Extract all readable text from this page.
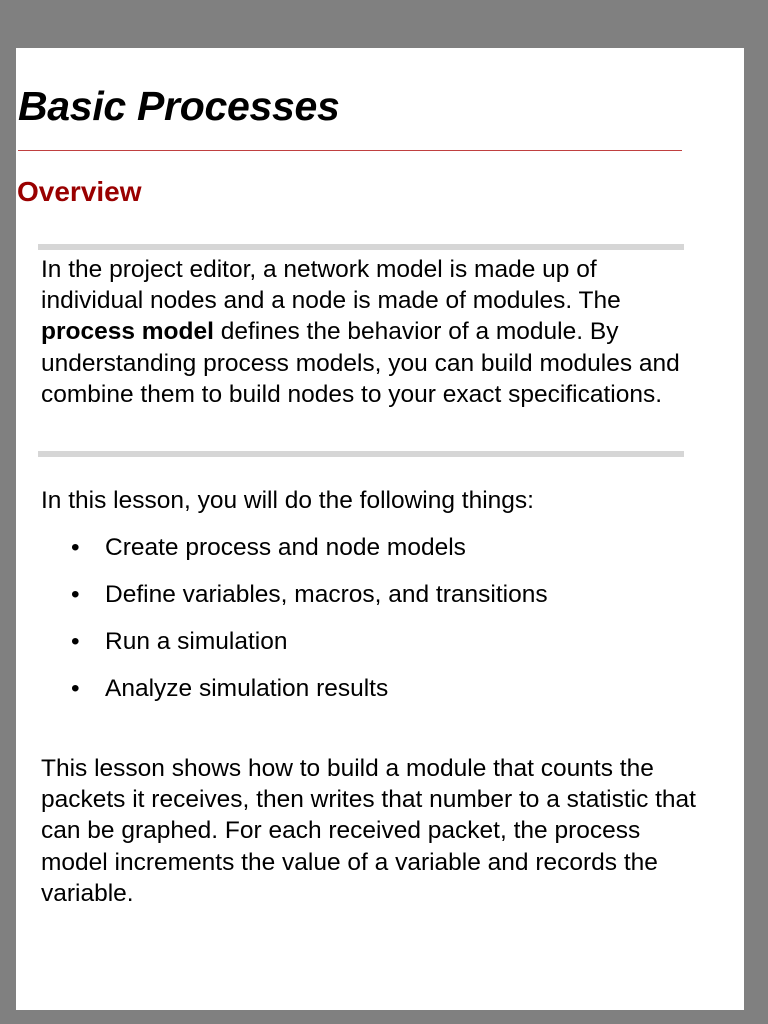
Basic Processes
Overview

In the project editor, a network model is made up of individual nodes and a node is made of modules. The process model defines the behavior of a module. By understanding process models, you can build modules and combine them to build nodes to your exact specifications.

In this lesson, you will do the following things:

• Create process and node models
• Define variables, macros, and transitions
• Run a simulation
• Analyze simulation results

This lesson shows how to build a module that counts the packets it receives, then writes that number to a statistic that can be graphed. For each received packet, the process model increments the value of a variable and records the variable.
